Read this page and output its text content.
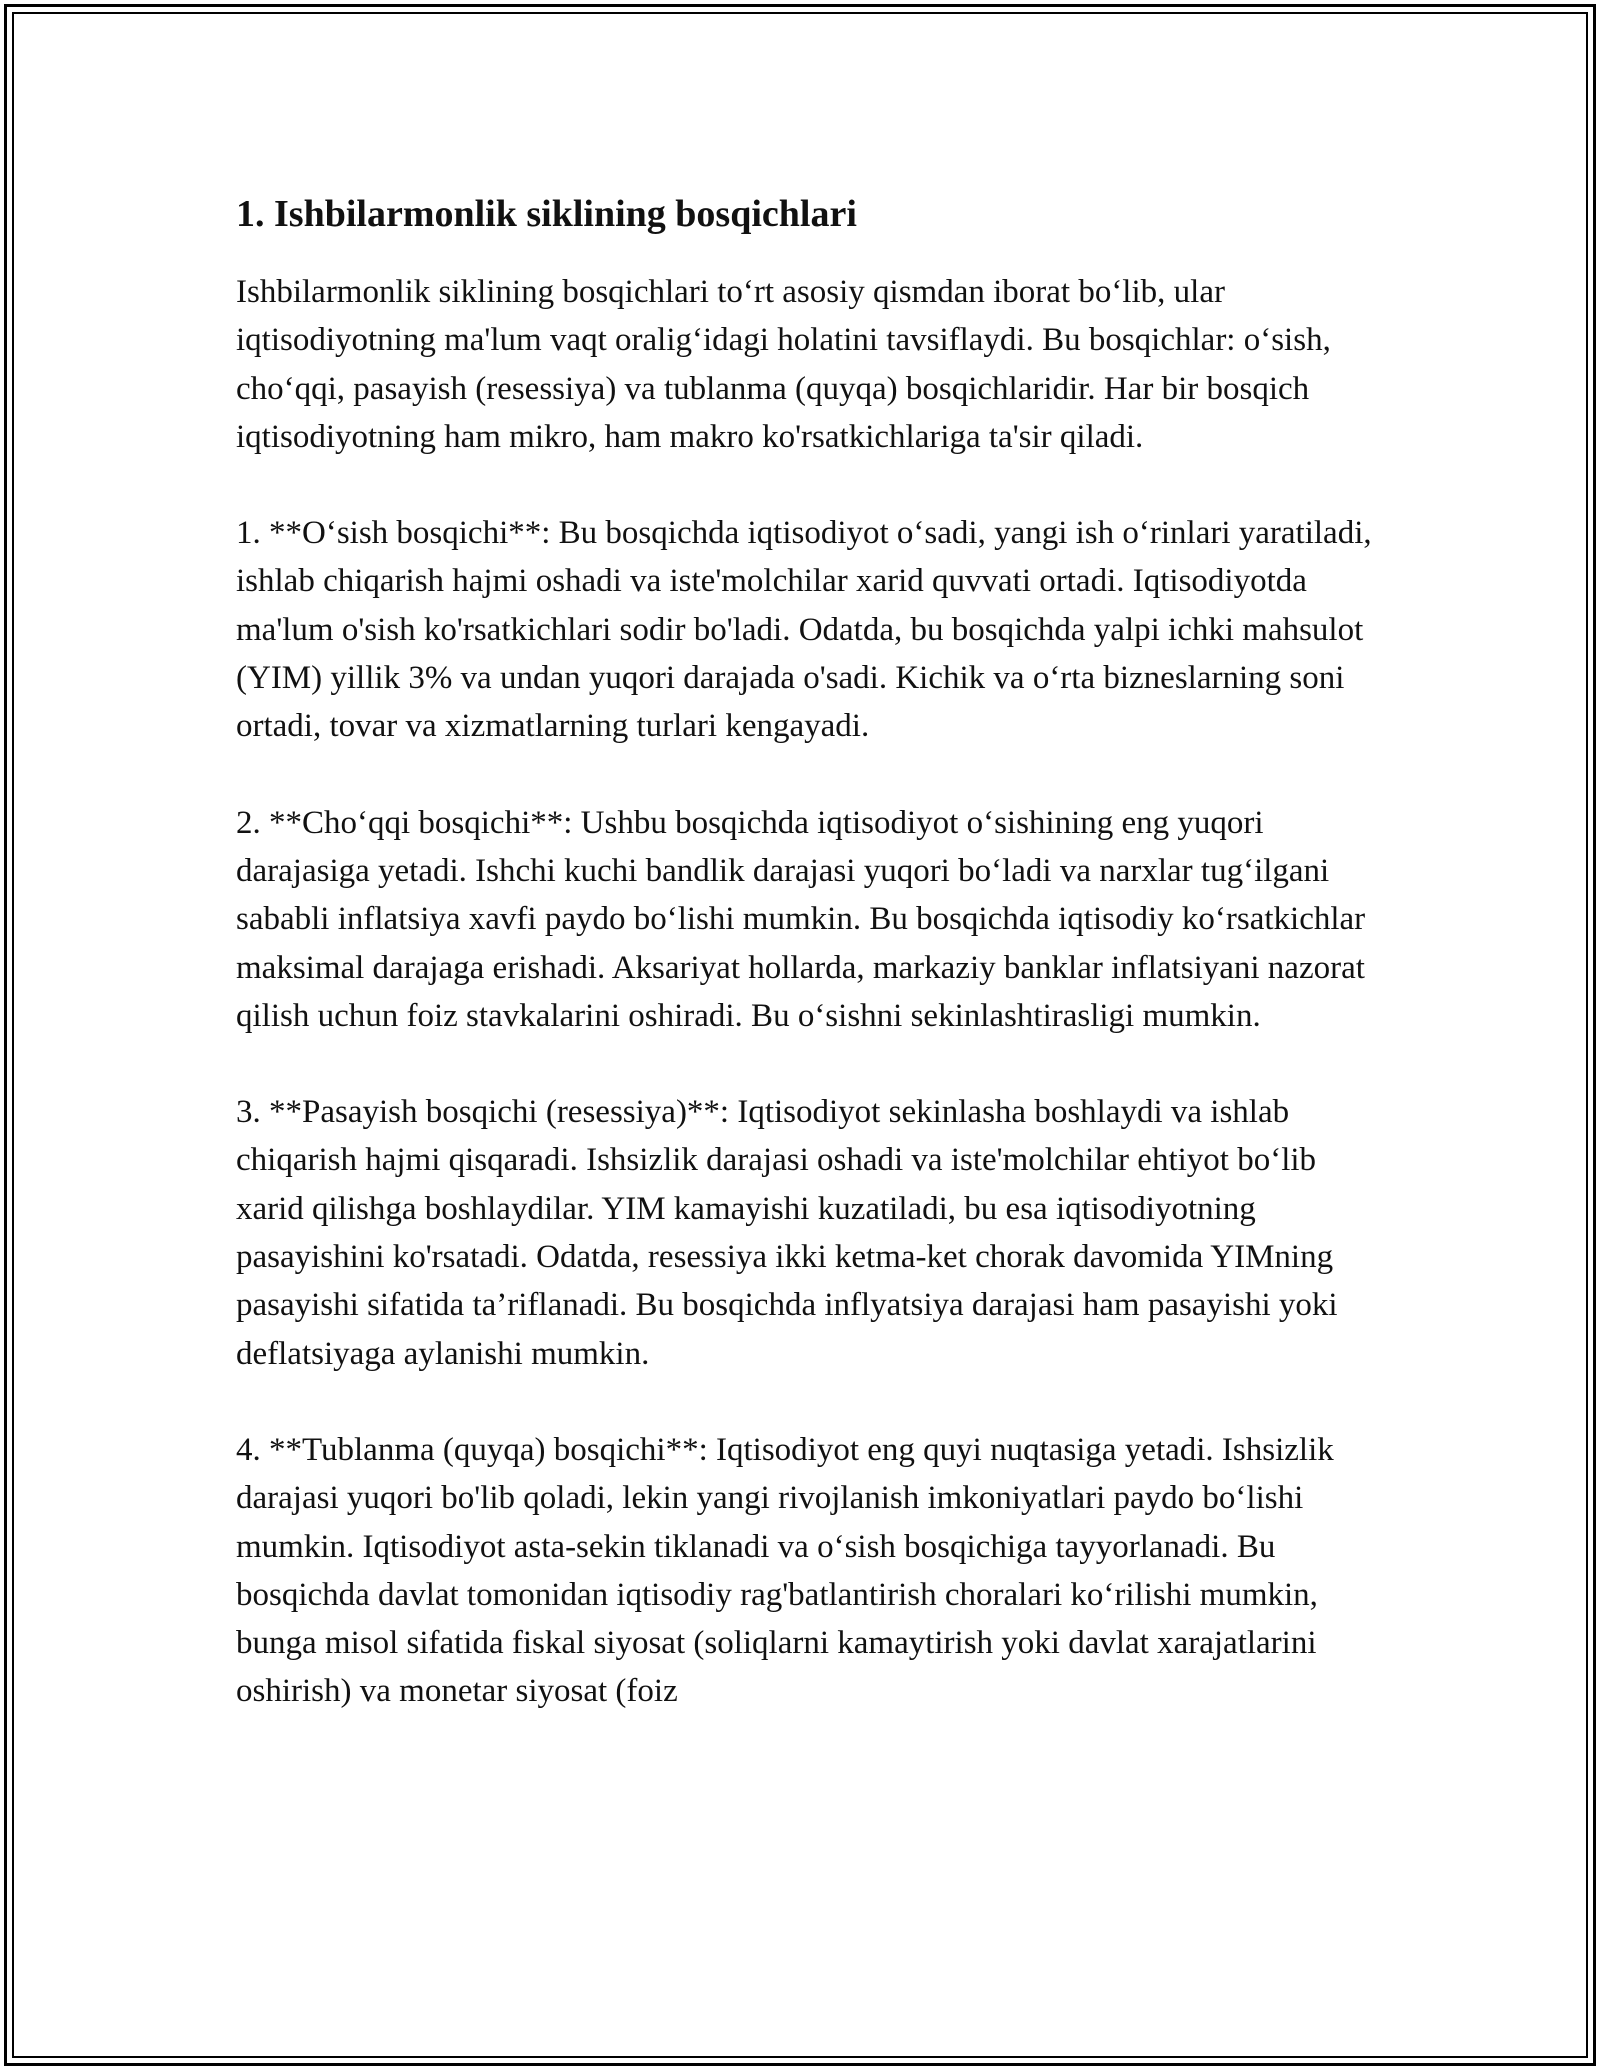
1. Ishbilarmonlik siklining bosqichlari

Ishbilarmonlik siklining bosqichlari to‘rt asosiy qismdan iborat bo‘lib, ular iqtisodiyotning ma'lum vaqt oralig‘idagi holatini tavsiflaydi. Bu bosqichlar: o‘sish, cho‘qqi, pasayish (resessiya) va tublanma (quyqa) bosqichlaridir. Har bir bosqich iqtisodiyotning ham mikro, ham makro ko'rsatkichlariga ta'sir qiladi.

1. **O‘sish bosqichi**: Bu bosqichda iqtisodiyot o‘sadi, yangi ish o‘rinlari yaratiladi, ishlab chiqarish hajmi oshadi va iste'molchilar xarid quvvati ortadi. Iqtisodiyotda ma'lum o'sish ko'rsatkichlari sodir bo'ladi. Odatda, bu bosqichda yalpi ichki mahsulot (YIM) yillik 3% va undan yuqori darajada o'sadi. Kichik va o‘rta bizneslarning soni ortadi, tovar va xizmatlarning turlari kengayadi.

2. **Cho‘qqi bosqichi**: Ushbu bosqichda iqtisodiyot o‘sishining eng yuqori darajasiga yetadi. Ishchi kuchi bandlik darajasi yuqori bo‘ladi va narxlar tug‘ilgani sababli inflatsiya xavfi paydo bo‘lishi mumkin. Bu bosqichda iqtisodiy ko‘rsatkichlar maksimal darajaga erishadi. Aksariyat hollarda, markaziy banklar inflatsiyani nazorat qilish uchun foiz stavkalarini oshiradi. Bu o‘sishni sekinlashtirasligi mumkin.

3. **Pasayish bosqichi (resessiya)**: Iqtisodiyot sekinlasha boshlaydi va ishlab chiqarish hajmi qisqaradi. Ishsizlik darajasi oshadi va iste'molchilar ehtiyot bo‘lib xarid qilishga boshlaydilar. YIM kamayishi kuzatiladi, bu esa iqtisodiyotning pasayishini ko'rsatadi. Odatda, resessiya ikki ketma-ket chorak davomida YIMning pasayishi sifatida ta’riflanadi. Bu bosqichda inflyatsiya darajasi ham pasayishi yoki deflatsiyaga aylanishi mumkin.

4. **Tublanma (quyqa) bosqichi**: Iqtisodiyot eng quyi nuqtasiga yetadi. Ishsizlik darajasi yuqori bo'lib qoladi, lekin yangi rivojlanish imkoniyatlari paydo bo‘lishi mumkin. Iqtisodiyot asta-sekin tiklanadi va o‘sish bosqichiga tayyorlanadi. Bu bosqichda davlat tomonidan iqtisodiy rag'batlantirish choralari ko‘rilishi mumkin, bunga misol sifatida fiskal siyosat (soliqlarni kamaytirish yoki davlat xarajatlarini oshirish) va monetar siyosat (foiz
